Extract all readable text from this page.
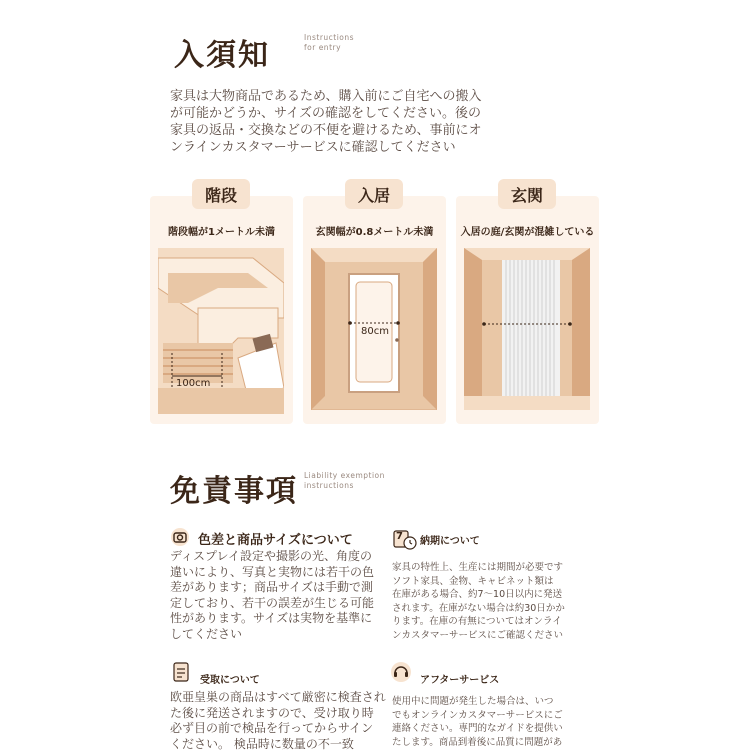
入須知
Instructions
for entry
家具は大物商品であるため、購入前にご自宅への搬入
が可能かどうか、サイズの確認をしてください。後の
家具の返品・交換などの不便を避けるため、事前にオ
ンラインカスタマーサービスに確認してください
階段	入居	玄関
階段幅が1メートル未満	玄関幅が0.8メートル未満	入居の庭/玄関が混雑している
100cm
80cm
免責事項 Liability exemption
instructions
色差と商品サイズについて
ディスプレイ設定や撮影の光、角度の
違いにより、写真と実物には若干の色
差があります；商品サイズは手動で測
定しており、若干の誤差が生じる可能
性があります。サイズは実物を基準に
してください
7 納期について
家具の特性上、生産には期間が必要です
ソフト家具、金物、キャビネット類は
在庫がある場合、約7〜10日以内に発送
されます。在庫がない場合は約30日かか
ります。在庫の有無についてはオンライ
ンカスタマーサービスにご確認ください
受取について
欧亜皇巣の商品はすべて厳密に検査され
た後に発送されますので、受け取り時
必ず目の前で検品を行ってからサイン
ください。 検品時に数量の不一致
アフターサービス
使用中に問題が発生した場合は、いつ
でもオンラインカスタマーサービスにご
連絡ください。専門的なガイドを提供い
たします。商品到着後に品質に問題があ
